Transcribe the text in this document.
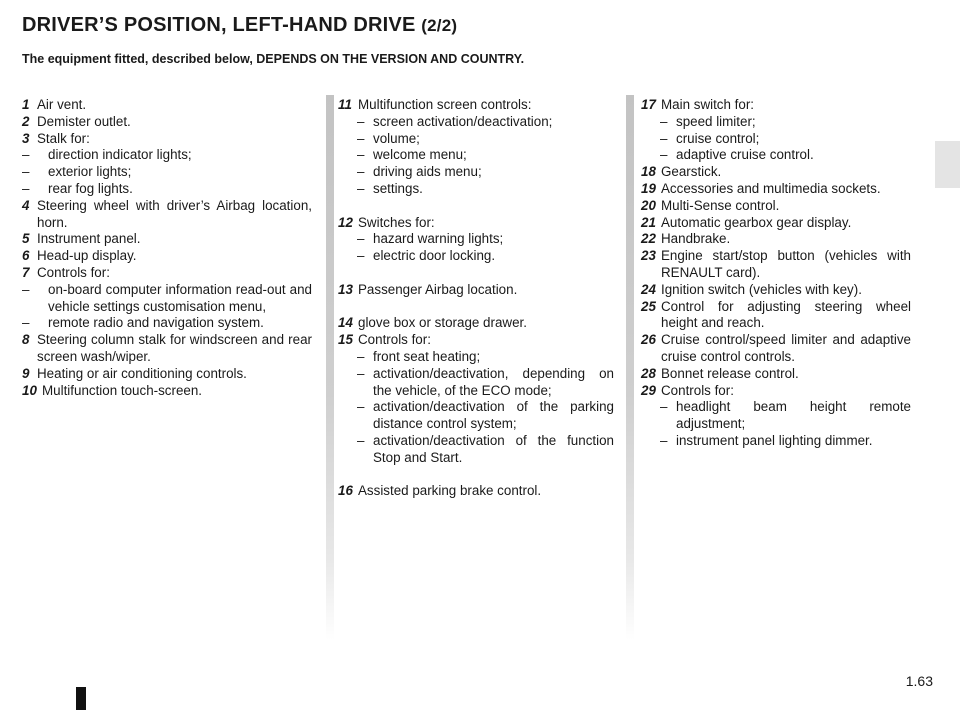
DRIVER’S POSITION, LEFT-HAND DRIVE (2/2)

The equipment fitted, described below, DEPENDS ON THE VERSION AND COUNTRY.

1 Air vent.
2 Demister outlet.
3 Stalk for:
– direction indicator lights;
– exterior lights;
– rear fog lights.
4 Steering wheel with driver’s Airbag location, horn.
5 Instrument panel.
6 Head-up display.
7 Controls for:
– on-board computer information read-out and vehicle settings customisation menu,
– remote radio and navigation system.
8 Steering column stalk for windscreen and rear screen wash/wiper.
9 Heating or air conditioning controls.
10 Multifunction touch-screen.
11 Multifunction screen controls:
– screen activation/deactivation;
– volume;
– welcome menu;
– driving aids menu;
– settings.
12 Switches for:
– hazard warning lights;
– electric door locking.
13 Passenger Airbag location.
14 glove box or storage drawer.
15 Controls for:
– front seat heating;
– activation/deactivation, depending on the vehicle, of the ECO mode;
– activation/deactivation of the parking distance control system;
– activation/deactivation of the function Stop and Start.
16 Assisted parking brake control.
17 Main switch for:
– speed limiter;
– cruise control;
– adaptive cruise control.
18 Gearstick.
19 Accessories and multimedia sockets.
20 Multi-Sense control.
21 Automatic gearbox gear display.
22 Handbrake.
23 Engine start/stop button (vehicles with RENAULT card).
24 Ignition switch (vehicles with key).
25 Control for adjusting steering wheel height and reach.
26 Cruise control/speed limiter and adaptive cruise control controls.
28 Bonnet release control.
29 Controls for:
– headlight beam height remote adjustment;
– instrument panel lighting dimmer.
1.63
